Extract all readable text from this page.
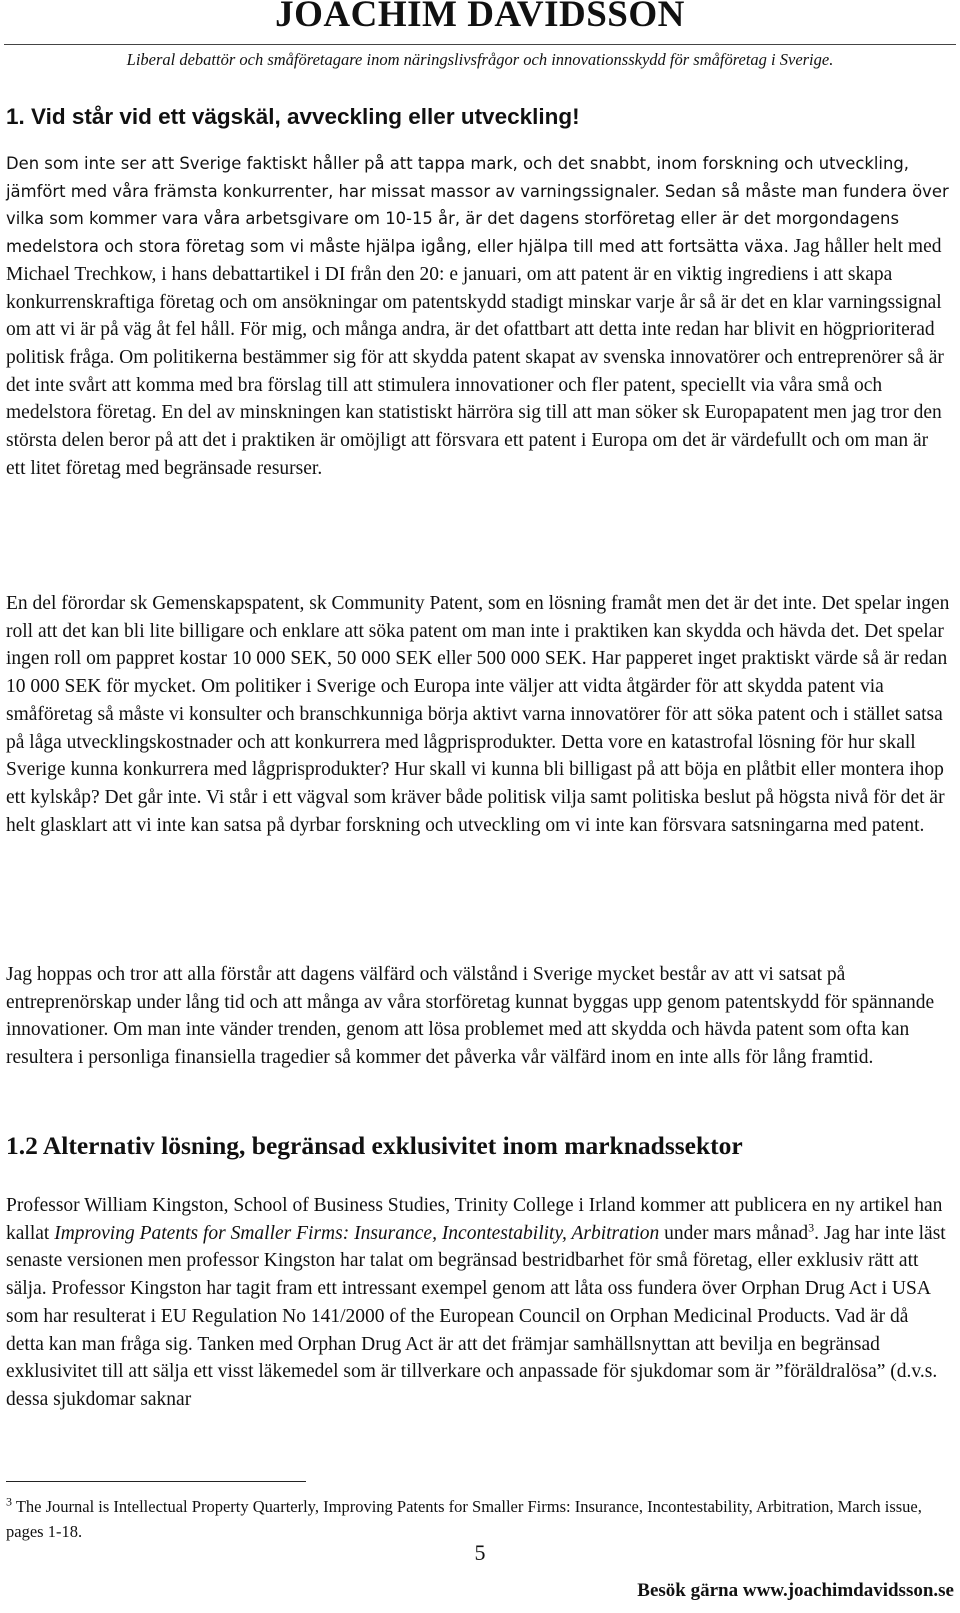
JOACHIM DAVIDSSON
Liberal debattör och småföretagare inom näringslivsfrågor och innovationsskydd för småföretag i Sverige.
1. Vid står vid ett vägskäl, avveckling eller utveckling!

Den som inte ser att Sverige faktiskt håller på att tappa mark, och det snabbt, inom forskning och utveckling, jämfört med våra främsta konkurrenter, har missat massor av varningssignaler. Sedan så måste man fundera över vilka som kommer vara våra arbetsgivare om 10-15 år, är det dagens storföretag eller är det morgondagens medelstora och stora företag som vi måste hjälpa igång, eller hjälpa till med att fortsätta växa. Jag håller helt med Michael Trechkow, i hans debattartikel i DI från den 20: e januari, om att patent är en viktig ingrediens i att skapa konkurrenskraftiga företag och om ansökningar om patentskydd stadigt minskar varje år så är det en klar varningssignal om att vi är på väg åt fel håll. För mig, och många andra, är det ofattbart att detta inte redan har blivit en högprioriterad politisk fråga. Om politikerna bestämmer sig för att skydda patent skapat av svenska innovatörer och entreprenörer så är det inte svårt att komma med bra förslag till att stimulera innovationer och fler patent, speciellt via våra små och medelstora företag. En del av minskningen kan statistiskt härröra sig till att man söker sk Europapatent men jag tror den största delen beror på att det i praktiken är omöjligt att försvara ett patent i Europa om det är värdefullt och om man är ett litet företag med begränsade resurser.

En del förordar sk Gemenskapspatent, sk Community Patent, som en lösning framåt men det är det inte. Det spelar ingen roll att det kan bli lite billigare och enklare att söka patent om man inte i praktiken kan skydda och hävda det. Det spelar ingen roll om pappret kostar 10 000 SEK, 50 000 SEK eller 500 000 SEK. Har papperet inget praktiskt värde så är redan 10 000 SEK för mycket. Om politiker i Sverige och Europa inte väljer att vidta åtgärder för att skydda patent via småföretag så måste vi konsulter och branschkunniga börja aktivt varna innovatörer för att söka patent och i stället satsa på låga utvecklingskostnader och att konkurrera med lågprisprodukter. Detta vore en katastrofal lösning för hur skall Sverige kunna konkurrera med lågprisprodukter? Hur skall vi kunna bli billigast på att böja en plåtbit eller montera ihop ett kylskåp? Det går inte. Vi står i ett vägval som kräver både politisk vilja samt politiska beslut på högsta nivå för det är helt glasklart att vi inte kan satsa på dyrbar forskning och utveckling om vi inte kan försvara satsningarna med patent.

Jag hoppas och tror att alla förstår att dagens välfärd och välstånd i Sverige mycket består av att vi satsat på entreprenörskap under lång tid och att många av våra storföretag kunnat byggas upp genom patentskydd för spännande innovationer. Om man inte vänder trenden, genom att lösa problemet med att skydda och hävda patent som ofta kan resultera i personliga finansiella tragedier så kommer det påverka vår välfärd inom en inte alls för lång framtid.

1.2 Alternativ lösning, begränsad exklusivitet inom marknadssektor

Professor William Kingston, School of Business Studies, Trinity College i Irland kommer att publicera en ny artikel han kallat Improving Patents for Smaller Firms: Insurance, Incontestability, Arbitration under mars månad$^3$. Jag har inte läst senaste versionen men professor Kingston har talat om begränsad bestridbarhet för små företag, eller exklusiv rätt att sälja. Professor Kingston har tagit fram ett intressant exempel genom att låta oss fundera över Orphan Drug Act i USA som har resulterat i EU Regulation No 141/2000 of the European Council on Orphan Medicinal Products. Vad är då detta kan man fråga sig. Tanken med Orphan Drug Act är att det främjar samhällsnyttan att bevilja en begränsad exklusivitet till att sälja ett visst läkemedel som är tillverkare och anpassade för sjukdomar som är ”föräldralösa” (d.v.s. dessa sjukdomar saknar

$^3$ The Journal is Intellectual Property Quarterly, Improving Patents for Smaller Firms: Insurance, Incontestability, Arbitration, March issue, pages 1-18.

5
Besök gärna www.joachimdavidsson.se
